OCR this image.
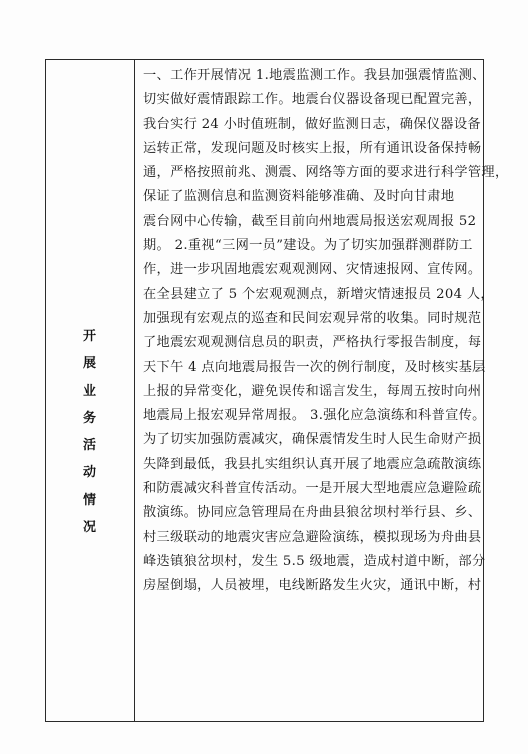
开
展
业
务
活
动
情
况
一、工作开展情况 1.地震监测工作。我县加强震情监测、
切实做好震情跟踪工作。地震台仪器设备现已配置完善，
我台实行 24 小时值班制，做好监测日志，确保仪器设备
运转正常，发现问题及时核实上报，所有通讯设备保持畅
通，严格按照前兆、测震、网络等方面的要求进行科学管理，
保证了监测信息和监测资料能够准确、及时向甘肃地
震台网中心传输，截至目前向州地震局报送宏观周报 52
期。 2.重视“三网一员”建设。为了切实加强群测群防工
作，进一步巩固地震宏观观测网、灾情速报网、宣传网。
在全县建立了 5 个宏观观测点，新增灾情速报员 204 人，
加强现有宏观点的巡查和民间宏观异常的收集。同时规范
了地震宏观观测信息员的职责，严格执行零报告制度，每
天下午 4 点向地震局报告一次的例行制度，及时核实基层
上报的异常变化，避免误传和谣言发生，每周五按时向州
地震局上报宏观异常周报。 3.强化应急演练和科普宣传。
为了切实加强防震减灾，确保震情发生时人民生命财产损
失降到最低，我县扎实组织认真开展了地震应急疏散演练
和防震减灾科普宣传活动。一是开展大型地震应急避险疏
散演练。协同应急管理局在舟曲县狼岔坝村举行县、乡、
村三级联动的地震灾害应急避险演练，模拟现场为舟曲县
峰迭镇狼岔坝村，发生 5.5 级地震，造成村道中断，部分
房屋倒塌，人员被埋，电线断路发生火灾，通讯中断，村
